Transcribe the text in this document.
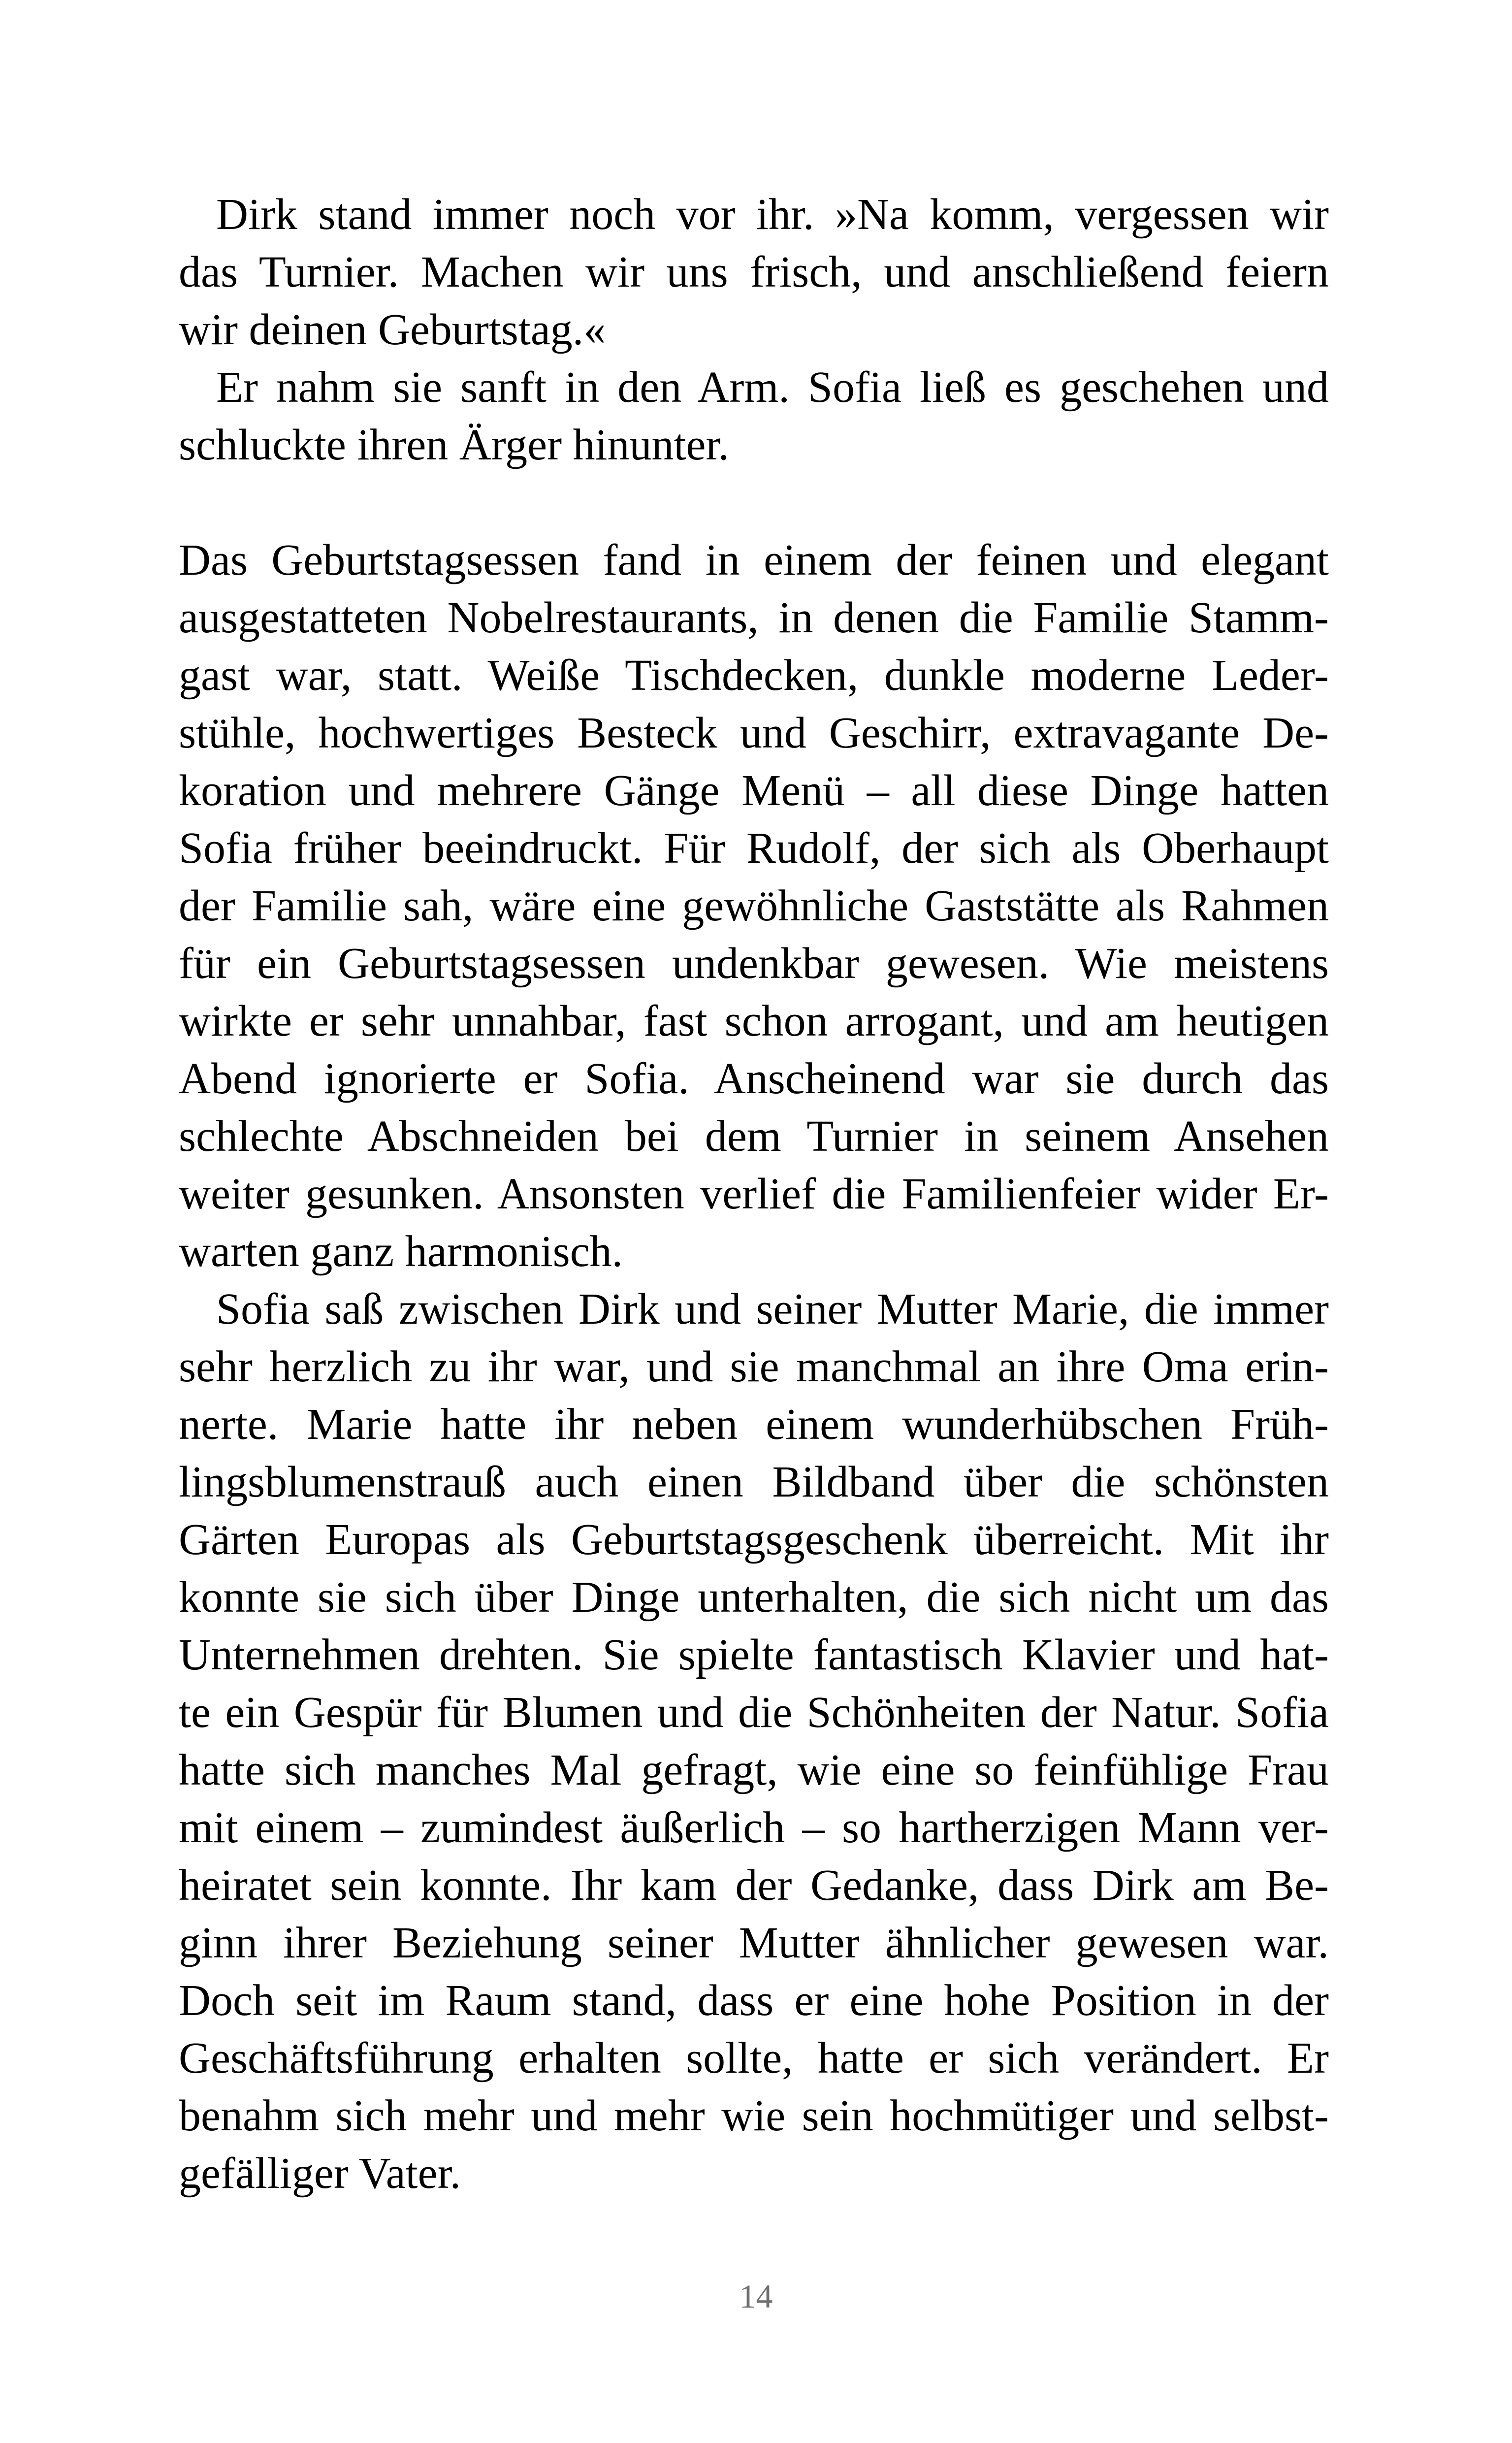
Dirk stand immer noch vor ihr. »Na komm, vergessen wir
das Turnier. Machen wir uns frisch, und anschließend feiern
wir deinen Geburtstag.«
Er nahm sie sanft in den Arm. Sofia ließ es geschehen und
schluckte ihren Ärger hinunter.
Das Geburtstagsessen fand in einem der feinen und elegant
ausgestatteten Nobelrestaurants, in denen die Familie Stamm-
gast war, statt. Weiße Tischdecken, dunkle moderne Leder-
stühle, hochwertiges Besteck und Geschirr, extravagante De-
koration und mehrere Gänge Menü – all diese Dinge hatten
Sofia früher beeindruckt. Für Rudolf, der sich als Oberhaupt
der Familie sah, wäre eine gewöhnliche Gaststätte als Rahmen
für ein Geburtstagsessen undenkbar gewesen. Wie meistens
wirkte er sehr unnahbar, fast schon arrogant, und am heutigen
Abend ignorierte er Sofia. Anscheinend war sie durch das
schlechte Abschneiden bei dem Turnier in seinem Ansehen
weiter gesunken. Ansonsten verlief die Familienfeier wider Er-
warten ganz harmonisch.
Sofia saß zwischen Dirk und seiner Mutter Marie, die immer
sehr herzlich zu ihr war, und sie manchmal an ihre Oma erin-
nerte. Marie hatte ihr neben einem wunderhübschen Früh-
lingsblumenstrauß auch einen Bildband über die schönsten
Gärten Europas als Geburtstagsgeschenk überreicht. Mit ihr
konnte sie sich über Dinge unterhalten, die sich nicht um das
Unternehmen drehten. Sie spielte fantastisch Klavier und hat-
te ein Gespür für Blumen und die Schönheiten der Natur. Sofia
hatte sich manches Mal gefragt, wie eine so feinfühlige Frau
mit einem – zumindest äußerlich – so hartherzigen Mann ver-
heiratet sein konnte. Ihr kam der Gedanke, dass Dirk am Be-
ginn ihrer Beziehung seiner Mutter ähnlicher gewesen war.
Doch seit im Raum stand, dass er eine hohe Position in der
Geschäftsführung erhalten sollte, hatte er sich verändert. Er
benahm sich mehr und mehr wie sein hochmütiger und selbst-
gefälliger Vater.
14
